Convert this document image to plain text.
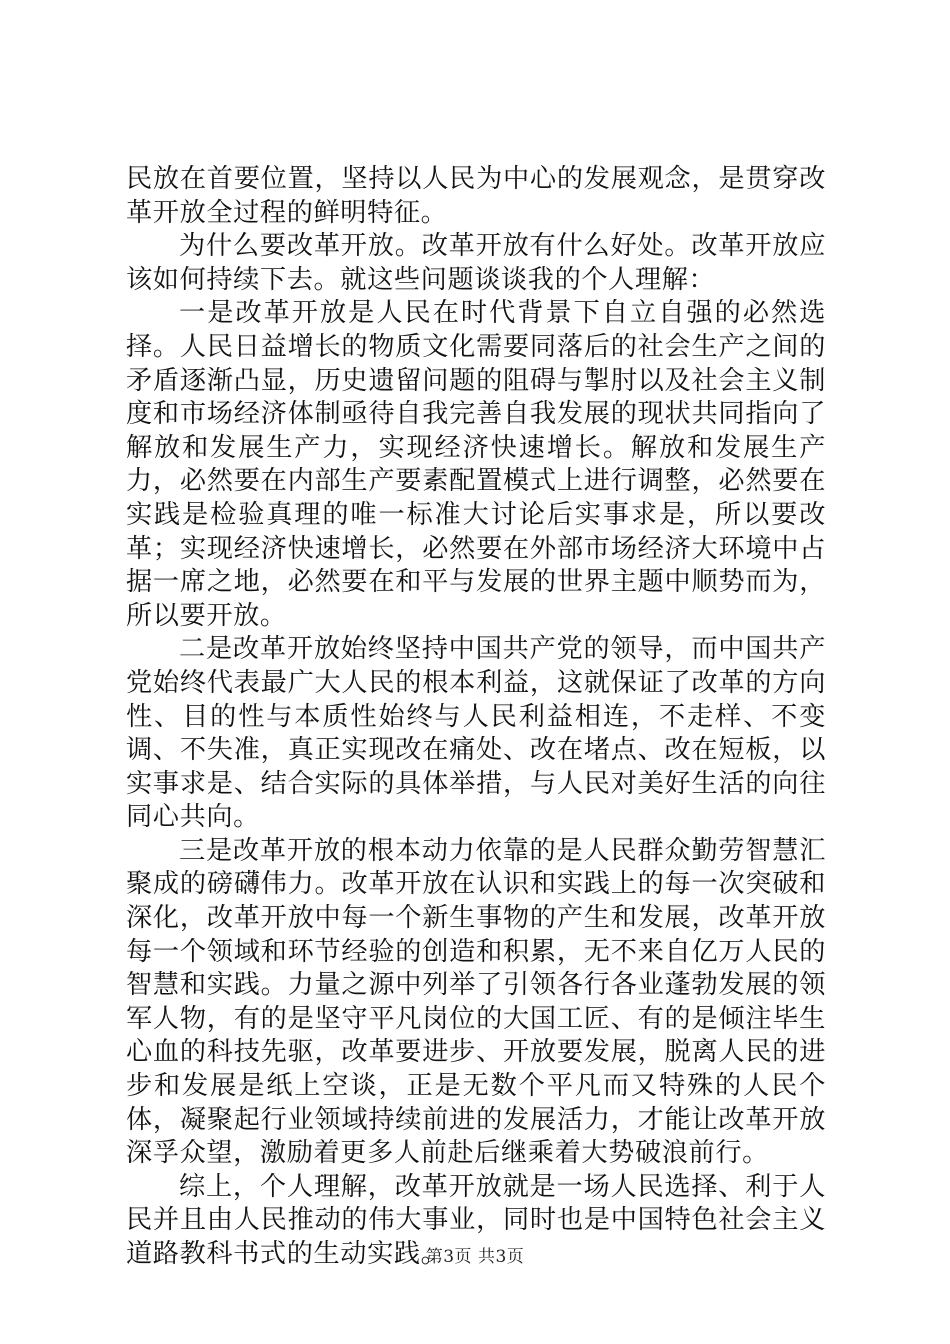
民放在首要位置，坚持以人民为中心的发展观念，是贯穿改革开放全过程的鲜明特征。

为什么要改革开放。改革开放有什么好处。改革开放应该如何持续下去。就这些问题谈谈我的个人理解：

一是改革开放是人民在时代背景下自立自强的必然选择。人民日益增长的物质文化需要同落后的社会生产之间的矛盾逐渐凸显，历史遗留问题的阻碍与掣肘以及社会主义制度和市场经济体制亟待自我完善自我发展的现状共同指向了解放和发展生产力，实现经济快速增长。解放和发展生产力，必然要在内部生产要素配置模式上进行调整，必然要在实践是检验真理的唯一标准大讨论后实事求是，所以要改革；实现经济快速增长，必然要在外部市场经济大环境中占据一席之地，必然要在和平与发展的世界主题中顺势而为，所以要开放。

二是改革开放始终坚持中国共产党的领导，而中国共产党始终代表最广大人民的根本利益，这就保证了改革的方向性、目的性与本质性始终与人民利益相连，不走样、不变调、不失准，真正实现改在痛处、改在堵点、改在短板，以实事求是、结合实际的具体举措，与人民对美好生活的向往同心共向。

三是改革开放的根本动力依靠的是人民群众勤劳智慧汇聚成的磅礴伟力。改革开放在认识和实践上的每一次突破和深化，改革开放中每一个新生事物的产生和发展，改革开放每一个领域和环节经验的创造和积累，无不来自亿万人民的智慧和实践。力量之源中列举了引领各行各业蓬勃发展的领军人物，有的是坚守平凡岗位的大国工匠、有的是倾注毕生心血的科技先驱，改革要进步、开放要发展，脱离人民的进步和发展是纸上空谈，正是无数个平凡而又特殊的人民个体，凝聚起行业领域持续前进的发展活力，才能让改革开放深孚众望，激励着更多人前赴后继乘着大势破浪前行。

综上，个人理解，改革开放就是一场人民选择、利于人民并且由人民推动的伟大事业，同时也是中国特色社会主义道路教科书式的生动实践。

第3页 共3页
